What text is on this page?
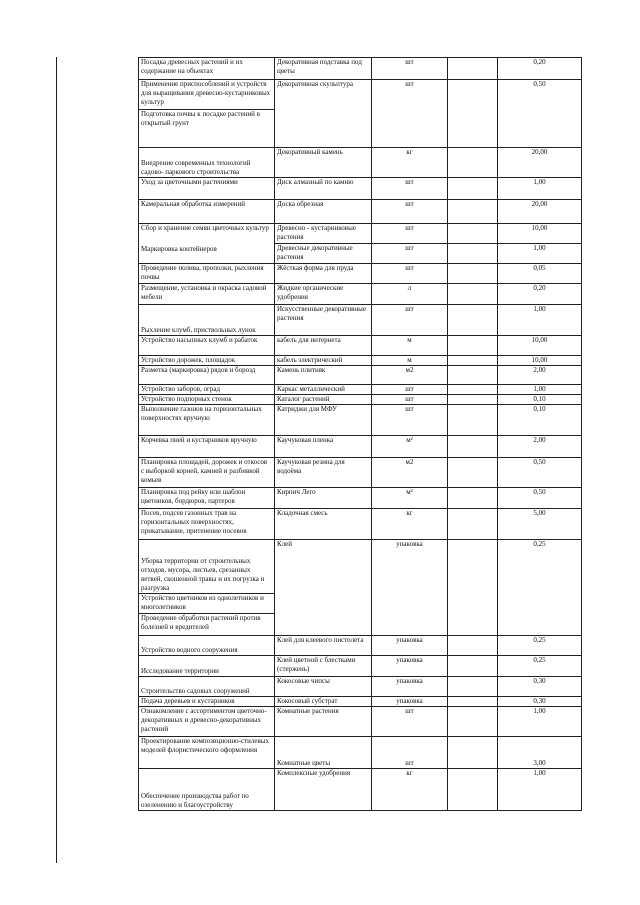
Посадка древесных растений и их содержание на объектах	Декоративная подставка под цветы	шт		0,20
Применение приспособлений и устройств для выращивания древесно-кустарниковых культур	Декоративная скульптура	шт		0,50
Подготовка почвы к посадке растений в открытый грунт				
Внедрение современных технологий садово- паркового строительства	Декоративный камень	кг		20,00
Уход за цветочными растениями	Диск алмазный по камню	шт		1,00
Камеральная обработка измерений	Доска обрезная	шт		20,00

Сбор и хранение семян цветочных культур
Маркировка контейнеров	Древесно - кустарниковые растения	шт		10,00
	Древесные декоративные растения	шт		1,00
Проведение полива, прополки, рыхления почвы	Жёсткая форма для пруда	шт		0,05
Размещение, установка и окраска садовой мебели	Жидкие органические удобрения	л		0,20
Рыхление клумб, приствольных лунок	Искусственные декоративные растения	шт		1,00
Устройство насыпных клумб и рабаток	кабель для интернета	м		10,00
Устройство дорожек, площадок	кабель электрический	м		10,00
Разметка (маркировка) рядов и борозд	Камень плитняк	м2		2,00
Устройство заборов, оград	Каркас металлический	шт		1,00
Устройство подпорных стенок	Каталог растений	шт		0,10
Выполнение газонов на горизонтальных поверхностях вручную	Катриджи для МФУ	шт		0,10
Корчевка пней и кустарников вручную	Каучуковая пленка	м²		2,00
Планировка площадей, дорожек и откосов с выборкой корней, камней и разбивкой комьев	Каучуковая резина для водоёма	м2		0,50
Планировка под рейку или шаблон цветников, бордюров, партеров	Кирпич Лего	м²		0,50
Посев, подсев газонных трав на горизонтальных поверхностях, прикатывание, притенение посевов	Кладочная смесь	кг		5,00
Уборка территории от строительных отходов, мусора, листьев, срезанных ветвей, скошенной травы и их погрузка и разгрузка	Клей	упаковка		0,25
Устройство цветников из однолетников и многолетников				
Проведение обработки растений против болезней и вредителей				
Устройство водного сооружения	Клей для клеевого пистолета	упаковка		0,25
Исследование территории	Клей цветной с блестками (стержень)	упаковка		0,25
Строительство садовых сооружений	Кокосовые чипсы	упаковка		0,30
Подача деревьев и кустарников	Кокосовый субстрат	упаковка		0,30
Ознакомление с ассортиментом цветочно-декоративных и древесно-декоративных растений	Комнатные растения	шт		1,00
Проектирование композиционно-стилевых моделей флористического оформления	Комнатные цветы	шт		3,00
Обеспечение производства работ по озеленению и благоустройству	Комплексные удобрения	кг		1,00
